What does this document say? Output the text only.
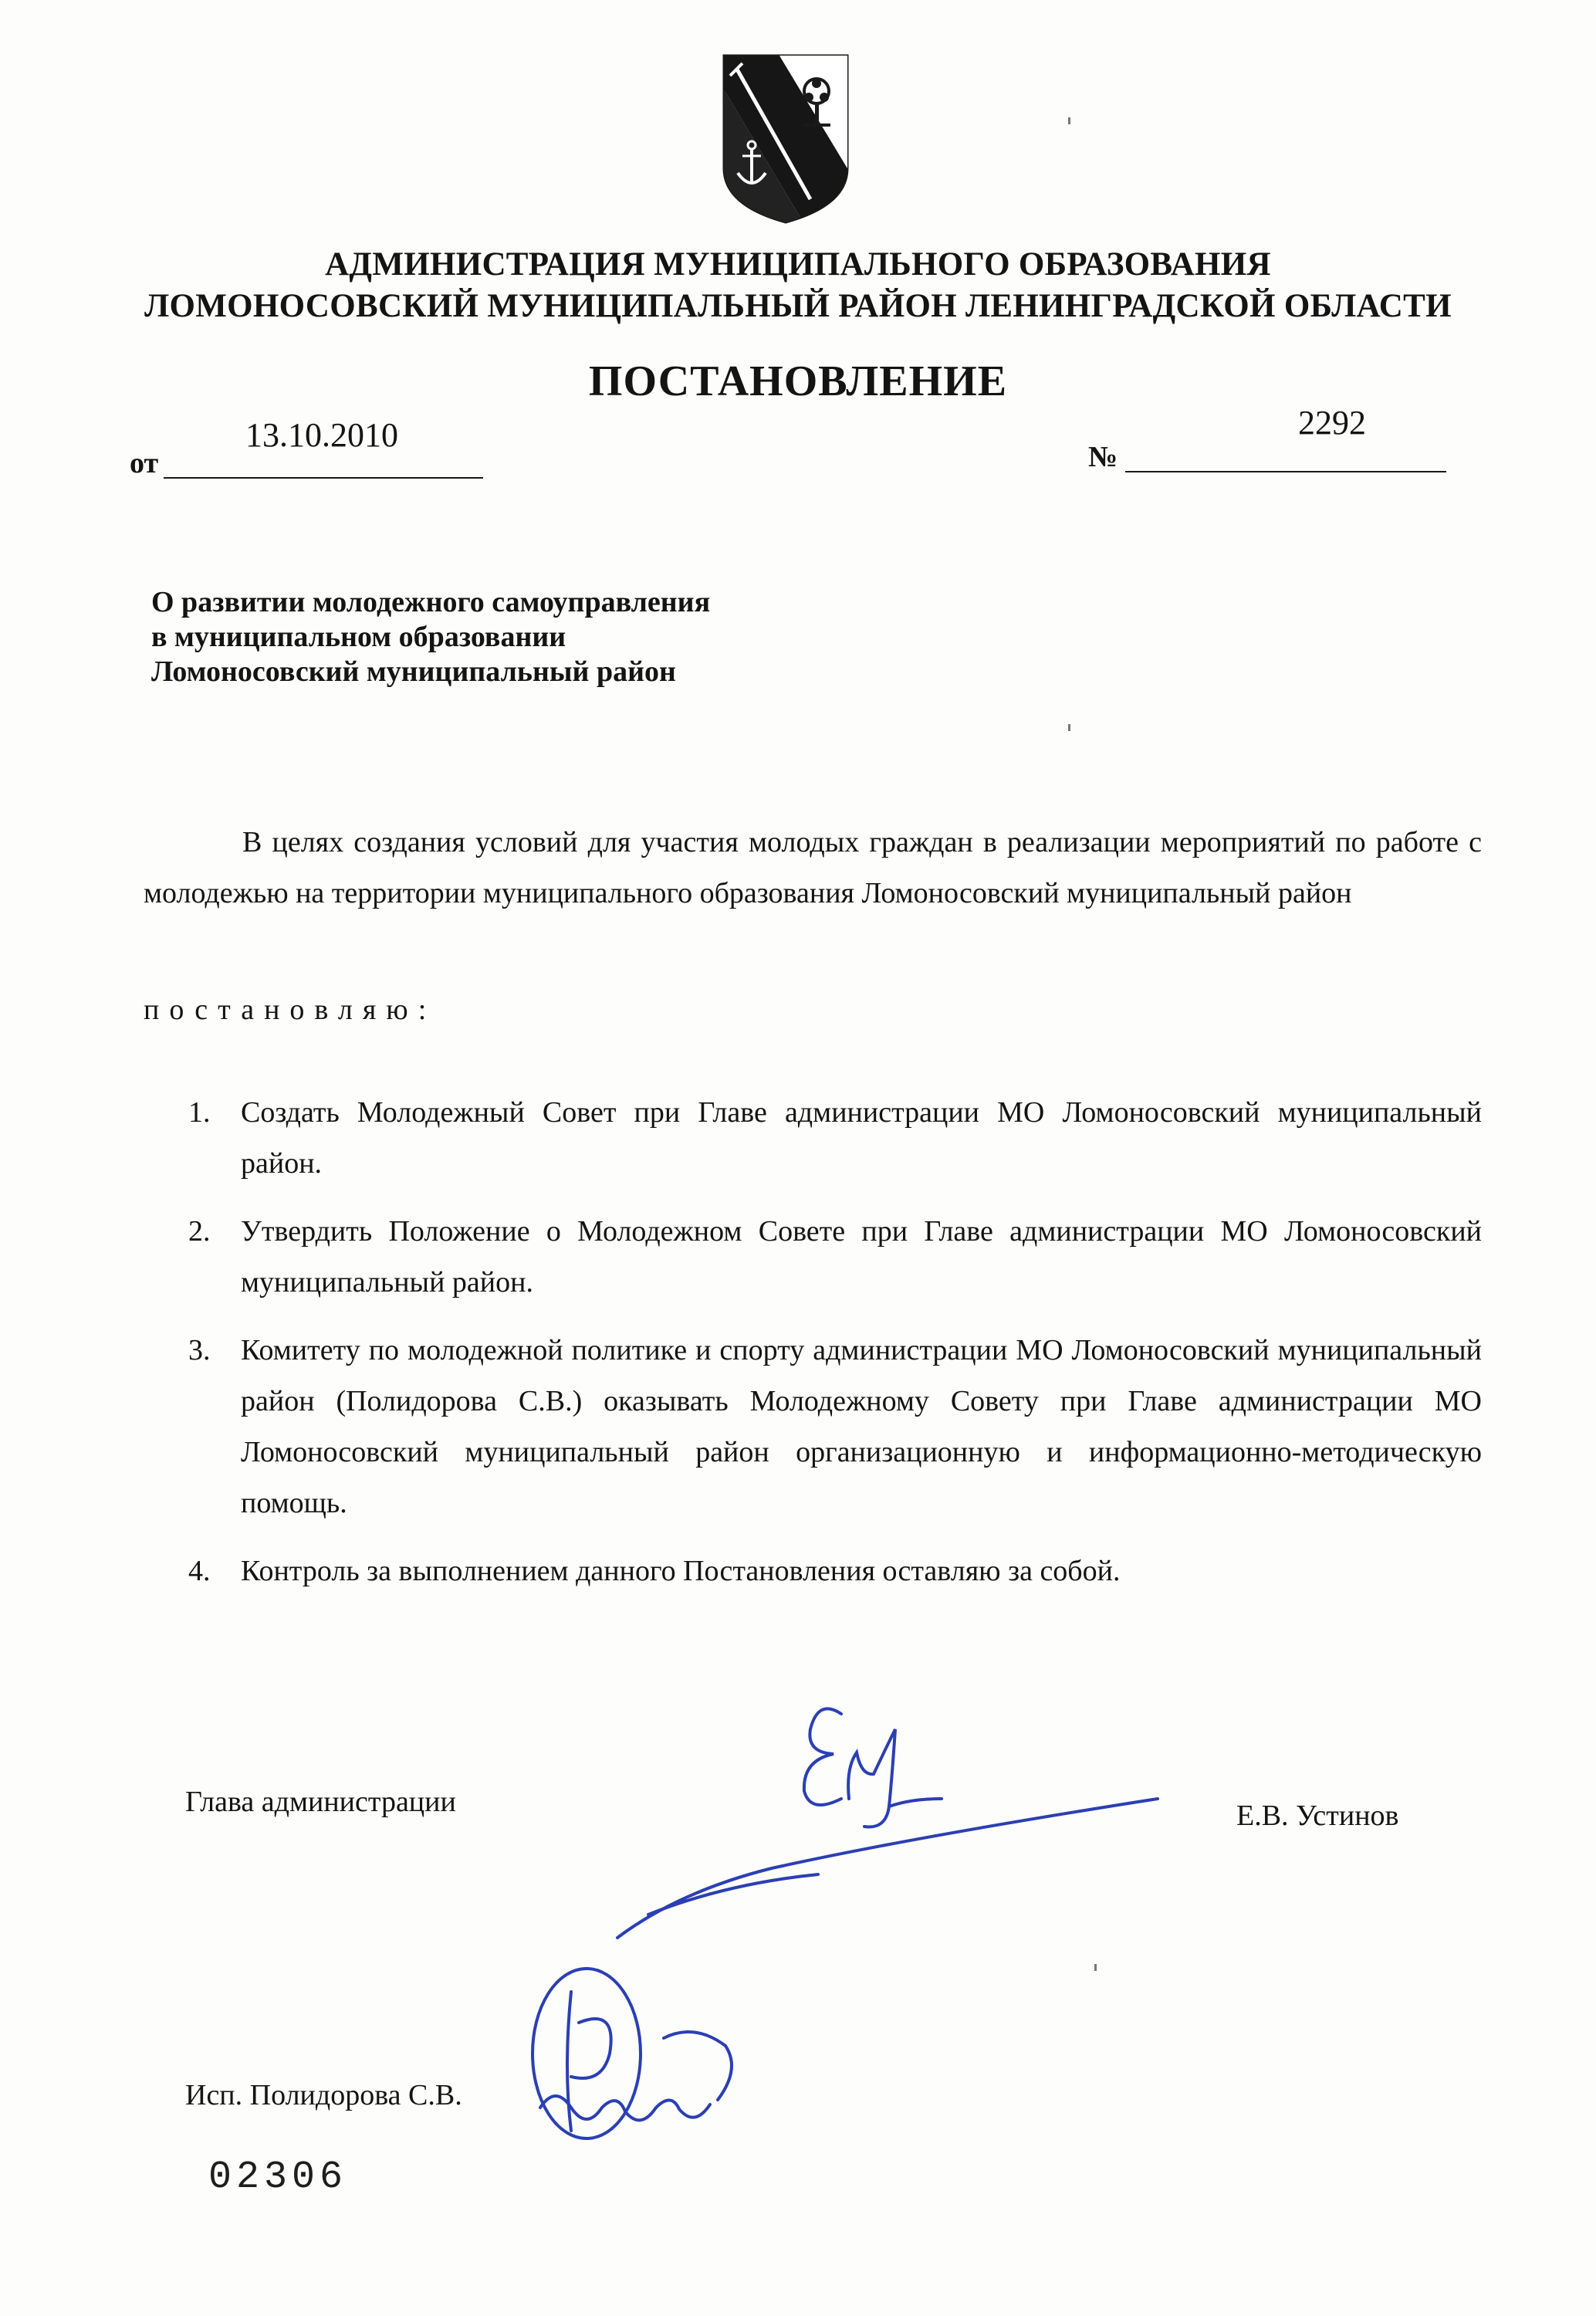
АДМИНИСТРАЦИЯ МУНИЦИПАЛЬНОГО ОБРАЗОВАНИЯ
ЛОМОНОСОВСКИЙ МУНИЦИПАЛЬНЫЙ РАЙОН ЛЕНИНГРАДСКОЙ ОБЛАСТИ
ПОСТАНОВЛЕНИЕ
от
13.10.2010
№
2292
О развитии молодежного самоуправления
в муниципальном образовании
Ломоносовский муниципальный район
В целях создания условий для участия молодых граждан в реализации мероприятий по работе с молодежью на территории муниципального образования Ломоносовский муниципальный район
постановляю:
1. Создать Молодежный Совет при Главе администрации МО Ломоносовский муниципальный район.
2. Утвердить Положение о Молодежном Совете при Главе администрации МО Ломоносовский муниципальный район.
3. Комитету по молодежной политике и спорту администрации МО Ломоносовский муниципальный район (Полидорова С.В.) оказывать Молодежному Совету при Главе администрации МО Ломоносовский муниципальный район организационную и информационно-методическую помощь.
4. Контроль за выполнением данного Постановления оставляю за собой.
Глава администрации	Е.В. Устинов
Исп. Полидорова С.В.
02306
